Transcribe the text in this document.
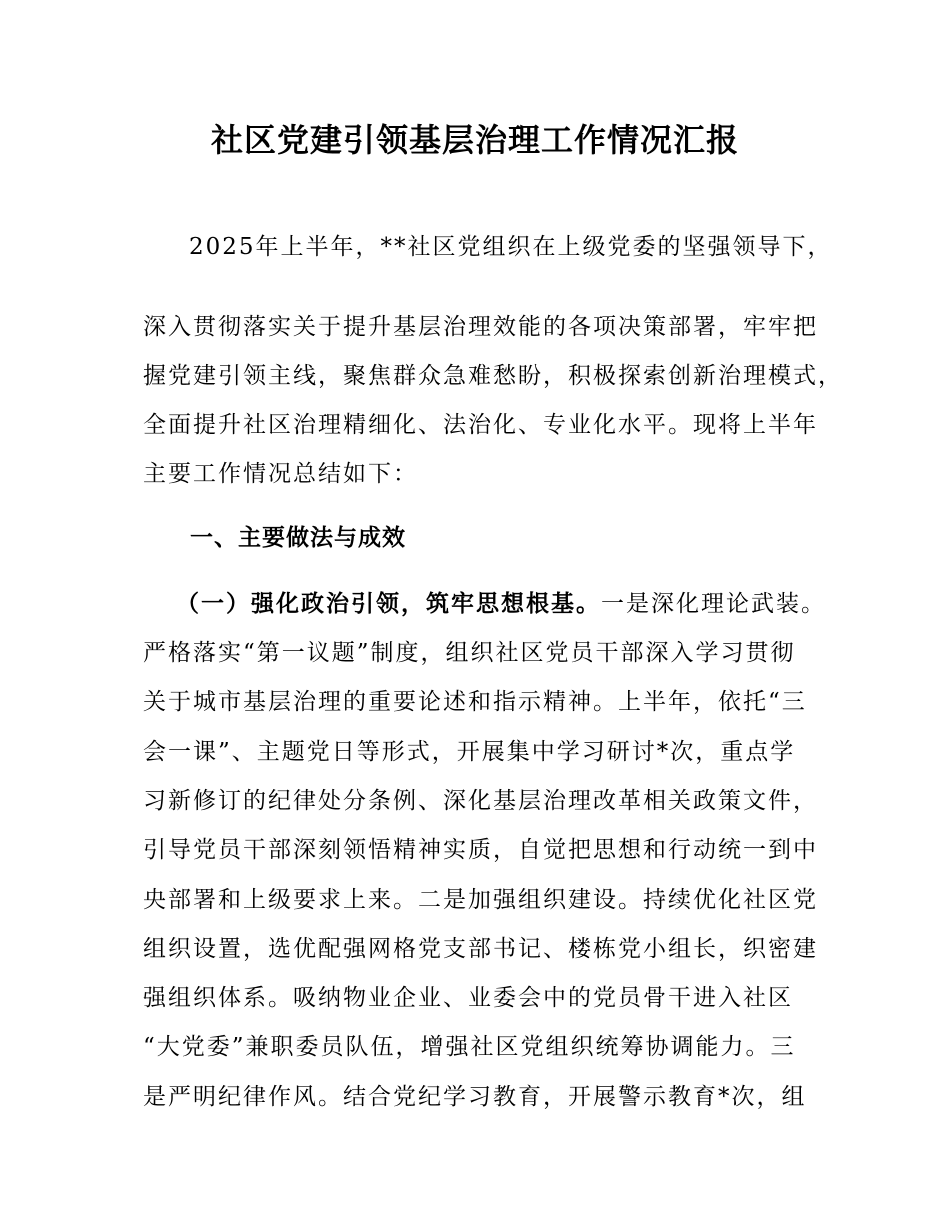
社区党建引领基层治理工作情况汇报

2025年上半年，**社区党组织在上级党委的坚强领导下，

深入贯彻落实关于提升基层治理效能的各项决策部署，牢牢把

握党建引领主线，聚焦群众急难愁盼，积极探索创新治理模式，

全面提升社区治理精细化、法治化、专业化水平。现将上半年

主要工作情况总结如下：

一、主要做法与成效

（一）强化政治引领，筑牢思想根基。一是深化理论武装。

严格落实“第一议题”制度，组织社区党员干部深入学习贯彻

关于城市基层治理的重要论述和指示精神。上半年，依托“三

会一课”、主题党日等形式，开展集中学习研讨*次，重点学

习新修订的纪律处分条例、深化基层治理改革相关政策文件，

引导党员干部深刻领悟精神实质，自觉把思想和行动统一到中

央部署和上级要求上来。二是加强组织建设。持续优化社区党

组织设置，选优配强网格党支部书记、楼栋党小组长，织密建

强组织体系。吸纳物业企业、业委会中的党员骨干进入社区

“大党委”兼职委员队伍，增强社区党组织统筹协调能力。三

是严明纪律作风。结合党纪学习教育，开展警示教育*次，组
